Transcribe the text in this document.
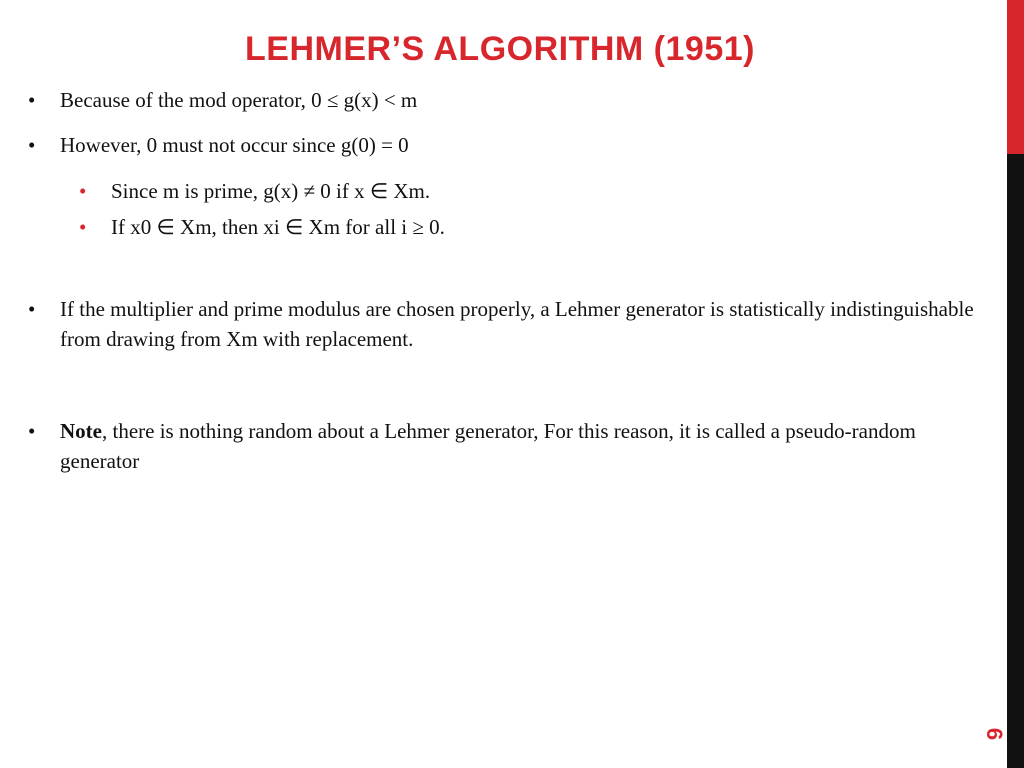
LEHMER’S ALGORITHM (1951)

• Because of the mod operator, 0 ≤ g(x) < m

• However, 0 must not occur since g(0) = 0

• Since m is prime, g(x) ≠ 0 if x ∈ Xm.

• If x0 ∈ Xm, then xi ∈ Xm for all i ≥ 0.

• If the multiplier and prime modulus are chosen properly, a Lehmer generator is statistically indistinguishable from drawing from Xm with replacement.

• Note, there is nothing random about a Lehmer generator, For this reason, it is called a pseudo-random generator

6
